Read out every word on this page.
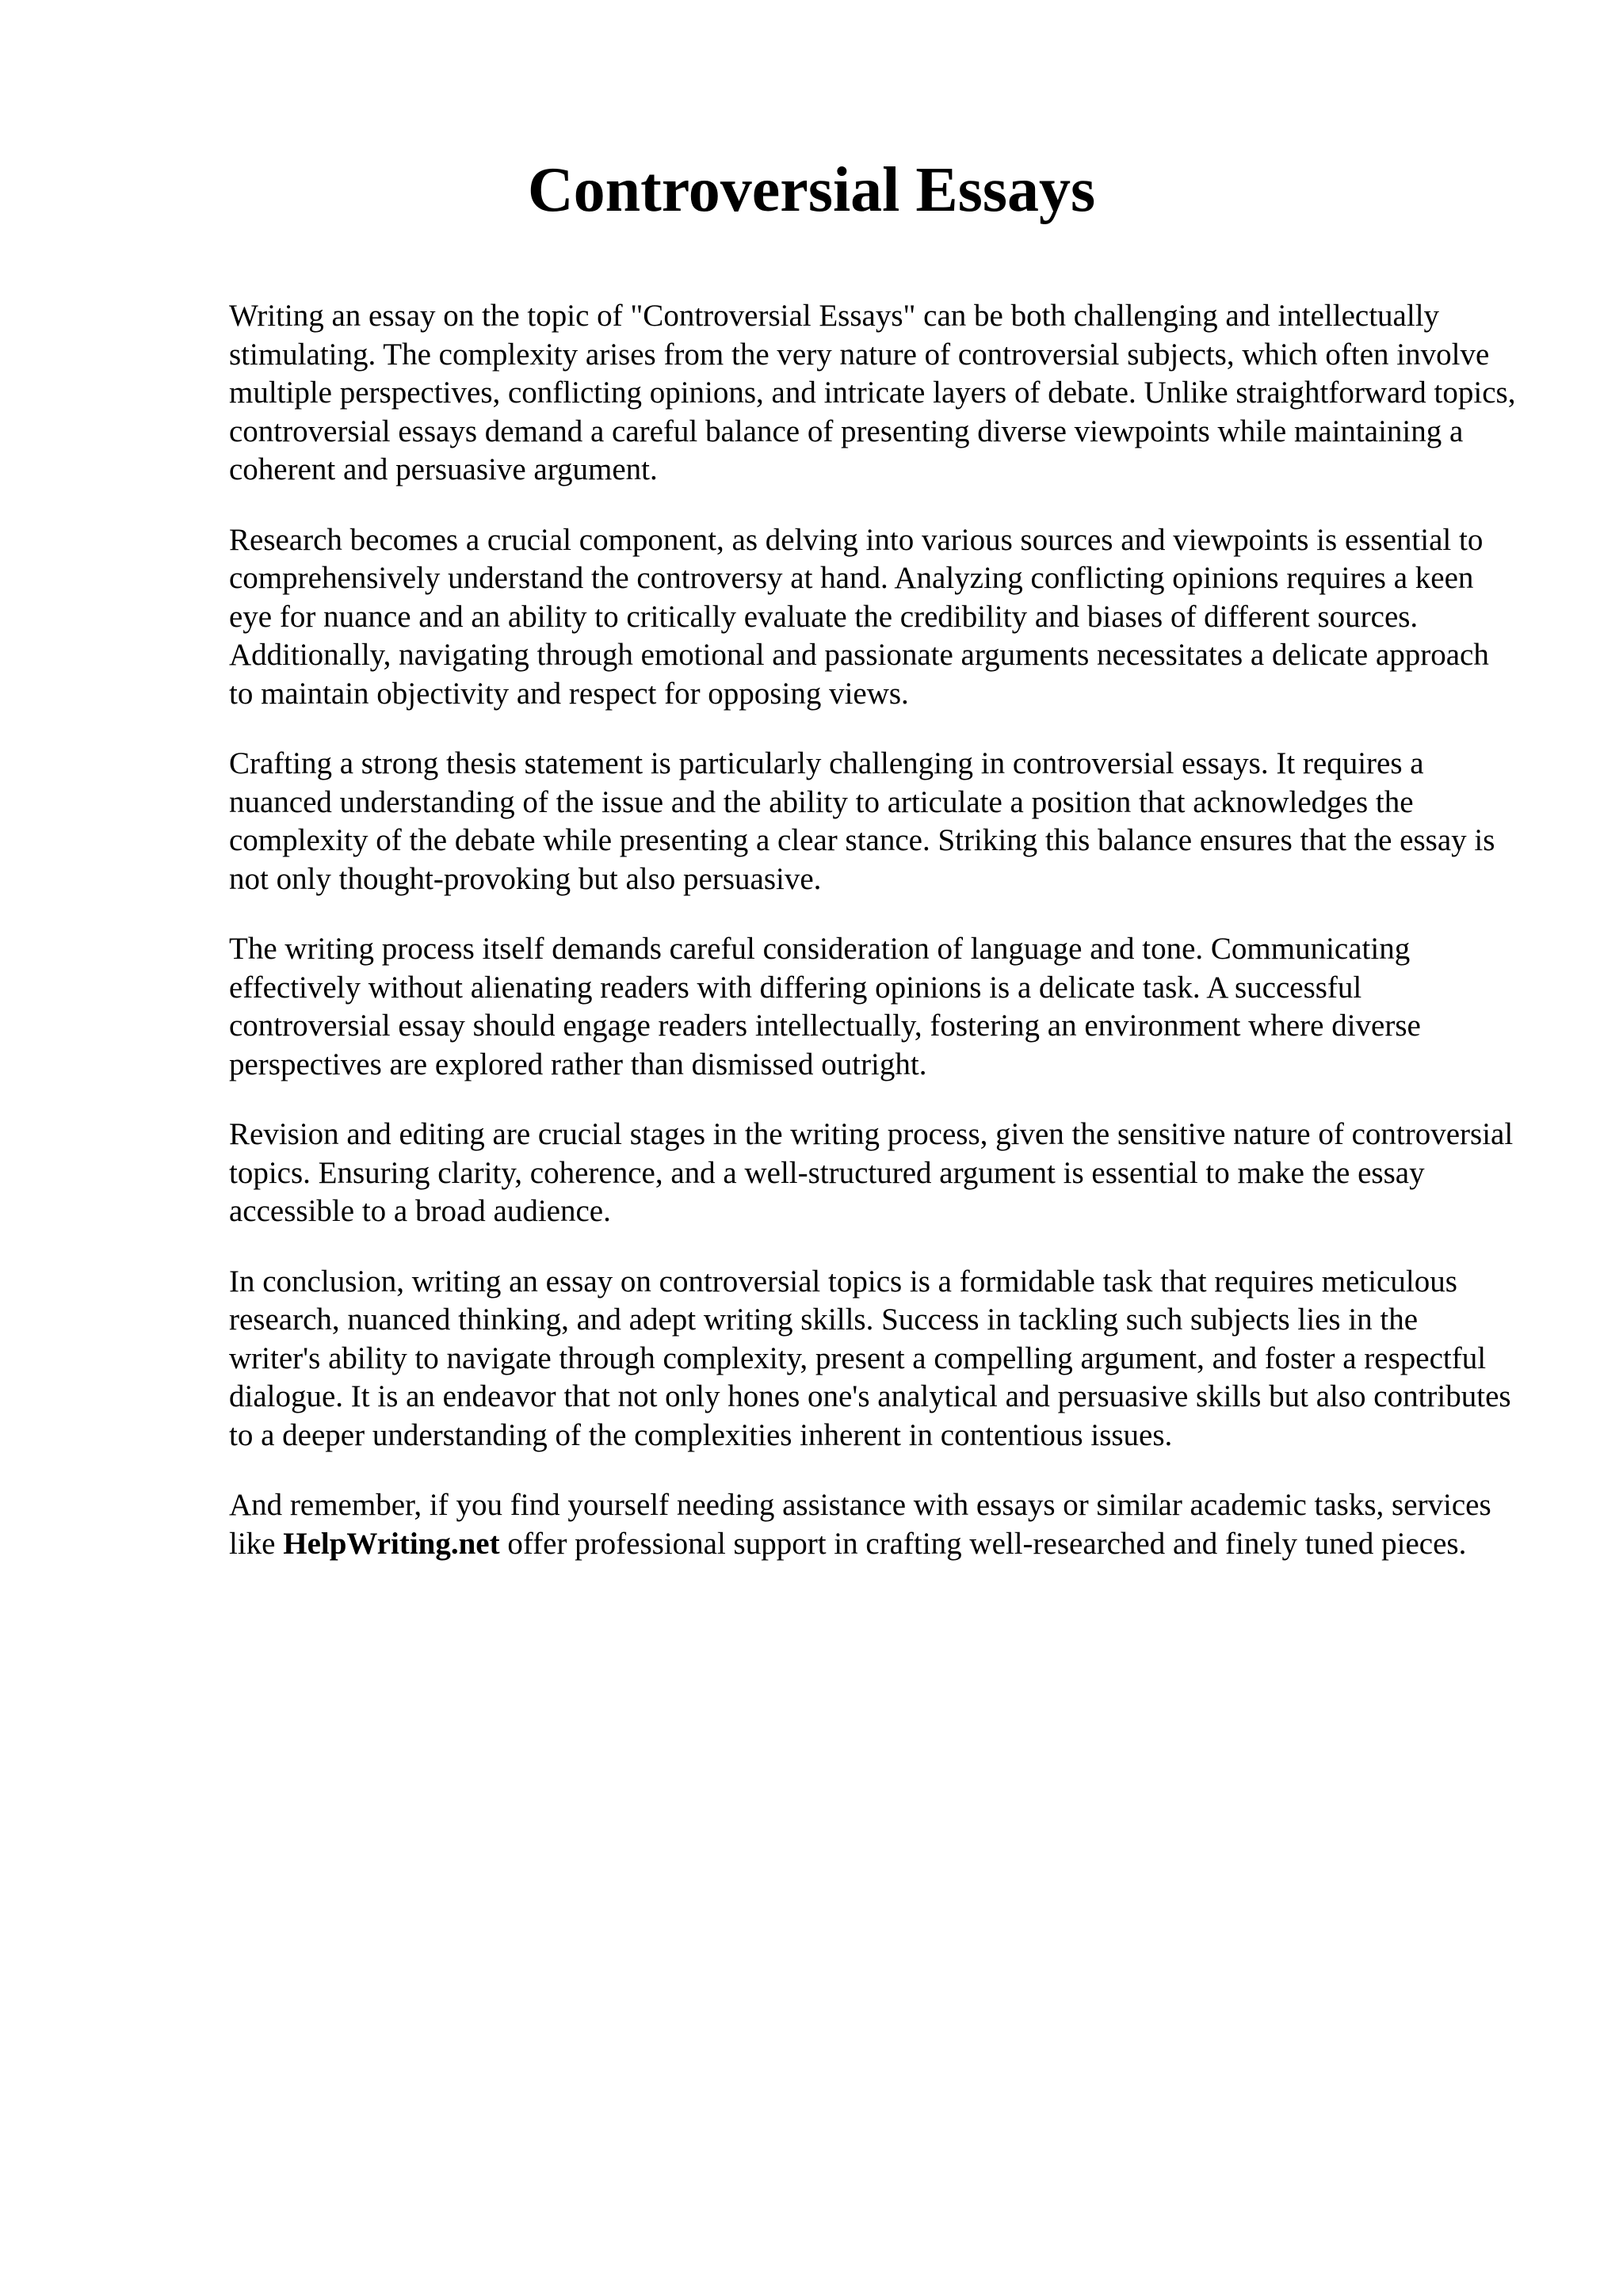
Controversial Essays

Writing an essay on the topic of "Controversial Essays" can be both challenging and intellectually stimulating. The complexity arises from the very nature of controversial subjects, which often involve multiple perspectives, conflicting opinions, and intricate layers of debate. Unlike straightforward topics, controversial essays demand a careful balance of presenting diverse viewpoints while maintaining a coherent and persuasive argument.

Research becomes a crucial component, as delving into various sources and viewpoints is essential to comprehensively understand the controversy at hand. Analyzing conflicting opinions requires a keen eye for nuance and an ability to critically evaluate the credibility and biases of different sources. Additionally, navigating through emotional and passionate arguments necessitates a delicate approach to maintain objectivity and respect for opposing views.

Crafting a strong thesis statement is particularly challenging in controversial essays. It requires a nuanced understanding of the issue and the ability to articulate a position that acknowledges the complexity of the debate while presenting a clear stance. Striking this balance ensures that the essay is not only thought-provoking but also persuasive.

The writing process itself demands careful consideration of language and tone. Communicating effectively without alienating readers with differing opinions is a delicate task. A successful controversial essay should engage readers intellectually, fostering an environment where diverse perspectives are explored rather than dismissed outright.

Revision and editing are crucial stages in the writing process, given the sensitive nature of controversial topics. Ensuring clarity, coherence, and a well-structured argument is essential to make the essay accessible to a broad audience.

In conclusion, writing an essay on controversial topics is a formidable task that requires meticulous research, nuanced thinking, and adept writing skills. Success in tackling such subjects lies in the writer's ability to navigate through complexity, present a compelling argument, and foster a respectful dialogue. It is an endeavor that not only hones one's analytical and persuasive skills but also contributes to a deeper understanding of the complexities inherent in contentious issues.

And remember, if you find yourself needing assistance with essays or similar academic tasks, services like HelpWriting.net offer professional support in crafting well-researched and finely tuned pieces.
